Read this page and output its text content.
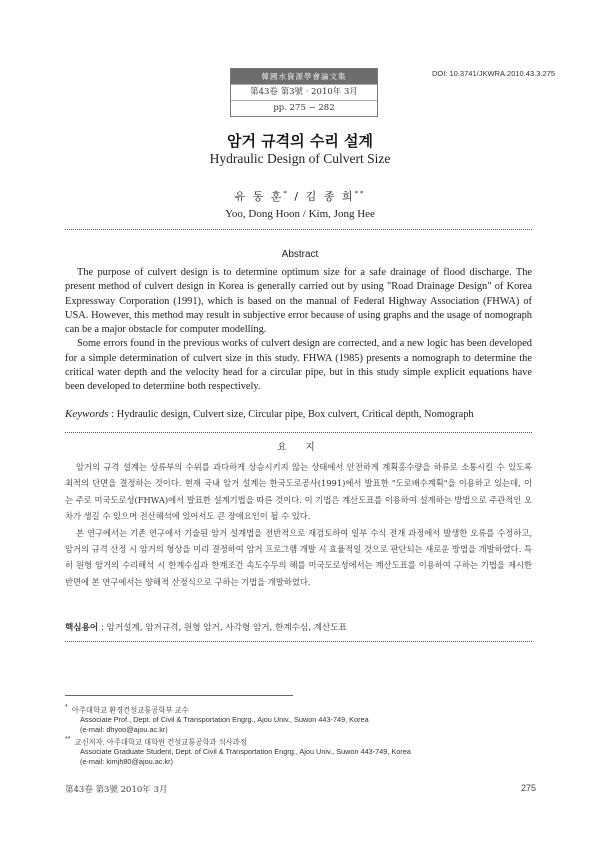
韓國水資源學會論文集
第43卷 第3號 · 2010年 3月
pp. 275 ~ 282
DOI: 10.3741/JKWRA.2010.43.3.275
암거 규격의 수리 설계
Hydraulic Design of Culvert Size
유 동 훈* / 김 종 희**
Yoo, Dong Hoon / Kim, Jong Hee
Abstract

The purpose of culvert design is to determine optimum size for a safe drainage of flood discharge. The present method of culvert design in Korea is generally carried out by using "Road Drainage Design" of Korea Expressway Corporation (1991), which is based on the manual of Federal Highway Association (FHWA) of USA. However, this method may result in subjective error because of using graphs and the usage of nomograph can be a major obstacle for computer modelling.

Some errors found in the previous works of culvert design are corrected, and a new logic has been developed for a simple determination of culvert size in this study. FHWA (1985) presents a nomograph to determine the critical water depth and the velocity head for a circular pipe, but in this study simple explicit equations have been developed to determine both respectively.

Keywords : Hydraulic design, Culvert size, Circular pipe, Box culvert, Critical depth, Nomograph
요 지

암거의 규격 설계는 상류부의 수위를 과다하게 상승시키지 않는 상태에서 안전하게 계획홍수량을 하류로 소통시킬 수 있도록 최적의 단면을 결정하는 것이다. 현재 국내 암거 설계는 한국도로공사(1991)에서 발표한 "도로배수계획"을 이용하고 있는데, 이는 주로 미국도로성(FHWA)에서 발표한 설계기법을 따른 것이다. 이 기법은 계산도표를 이용하여 설계하는 방법으로 주관적인 오차가 생길 수 있으며 전산해석에 있어서도 큰 장애요인이 될 수 있다.

본 연구에서는 기존 연구에서 기술된 암거 설계법을 전반적으로 재검토하여 일부 수식 전개 과정에서 발생한 오류를 수정하고, 암거의 규격 산정 시 암거의 형상을 미리 결정하여 암거 프로그램 개발 시 효율적일 것으로 판단되는 새로운 방법을 개발하였다. 특히 원형 암거의 수리해석 시 한계수심과 한계조건 속도수두의 해를 미국도로성에서는 계산도표를 이용하여 구하는 기법을 제시한 반면에 본 연구에서는 양해적 산정식으로 구하는 기법을 개발하였다.

핵심용어 : 암거설계, 암거규격, 원형 암거, 사각형 암거, 한계수심, 계산도표
* 아주대학교 환경건설교통공학부 교수
Associate Prof., Dept. of Civil & Transportation Engrg., Ajou Univ., Suwon 443-749, Korea
(e-mail: dhyoo@ajou.ac.kr)
** 교신저자, 아주대학교 대학원 건설교통공학과 석사과정
Associate Graduate Student, Dept. of Civil & Transportation Engrg., Ajou Univ., Suwon 443-749, Korea
(e-mail: kimjh80@ajou.ac.kr)
第43卷 第3號 2010年 3月	275
